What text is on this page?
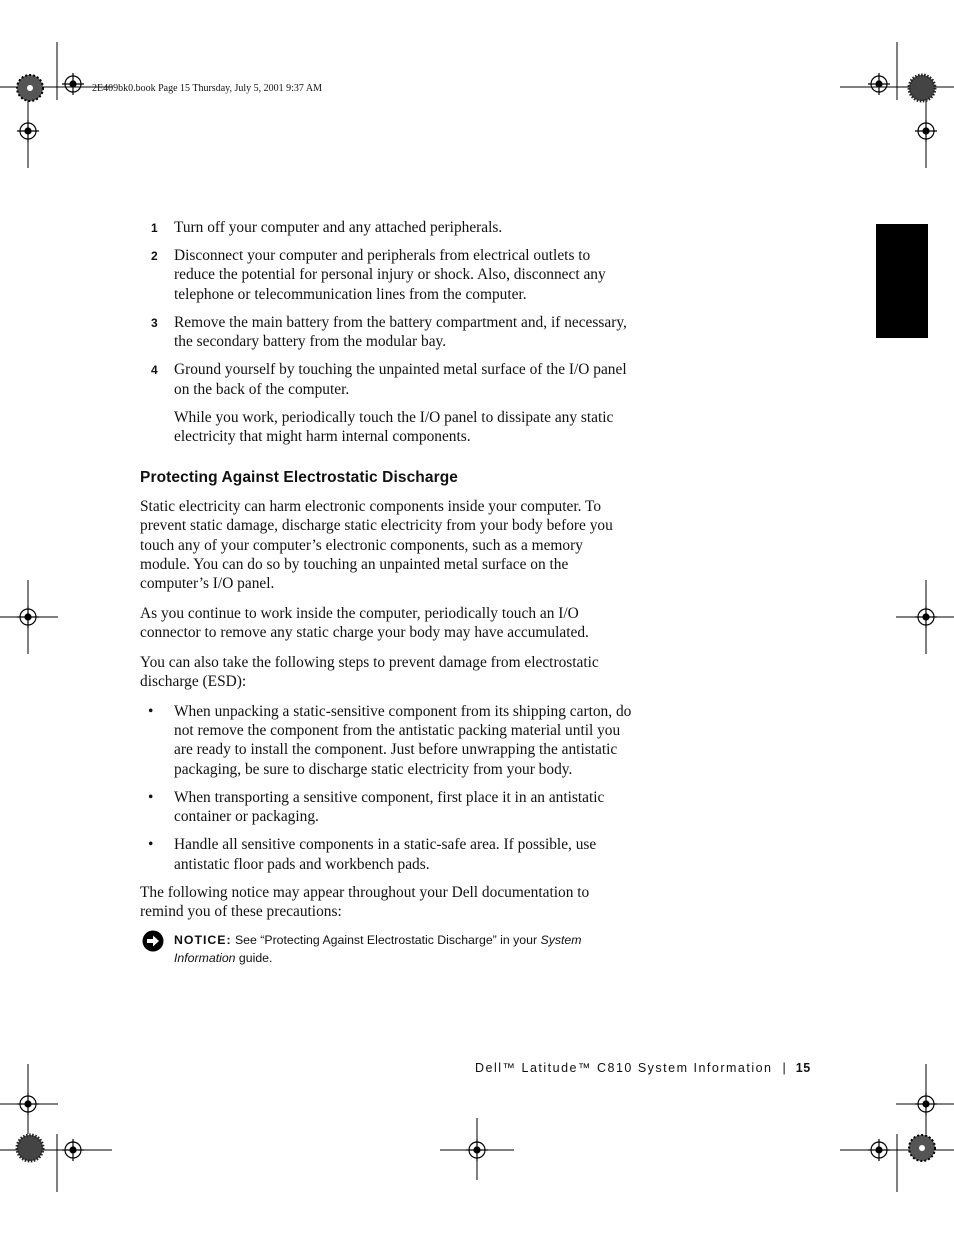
2E409bk0.book Page 15 Thursday, July 5, 2001 9:37 AM
1 Turn off your computer and any attached peripherals.
2 Disconnect your computer and peripherals from electrical outlets to reduce the potential for personal injury or shock. Also, disconnect any telephone or telecommunication lines from the computer.
3 Remove the main battery from the battery compartment and, if necessary, the secondary battery from the modular bay.
4 Ground yourself by touching the unpainted metal surface of the I/O panel on the back of the computer.

While you work, periodically touch the I/O panel to dissipate any static electricity that might harm internal components.

Protecting Against Electrostatic Discharge

Static electricity can harm electronic components inside your computer. To prevent static damage, discharge static electricity from your body before you touch any of your computer’s electronic components, such as a memory module. You can do so by touching an unpainted metal surface on the computer’s I/O panel.

As you continue to work inside the computer, periodically touch an I/O connector to remove any static charge your body may have accumulated.

You can also take the following steps to prevent damage from electrostatic discharge (ESD):

• When unpacking a static-sensitive component from its shipping carton, do not remove the component from the antistatic packing material until you are ready to install the component. Just before unwrapping the antistatic packaging, be sure to discharge static electricity from your body.
• When transporting a sensitive component, first place it in an antistatic container or packaging.
• Handle all sensitive components in a static-safe area. If possible, use antistatic floor pads and workbench pads.

The following notice may appear throughout your Dell documentation to remind you of these precautions:

NOTICE: See “Protecting Against Electrostatic Discharge” in your System Information guide.
Dell™ Latitude™ C810 System Information | 15
